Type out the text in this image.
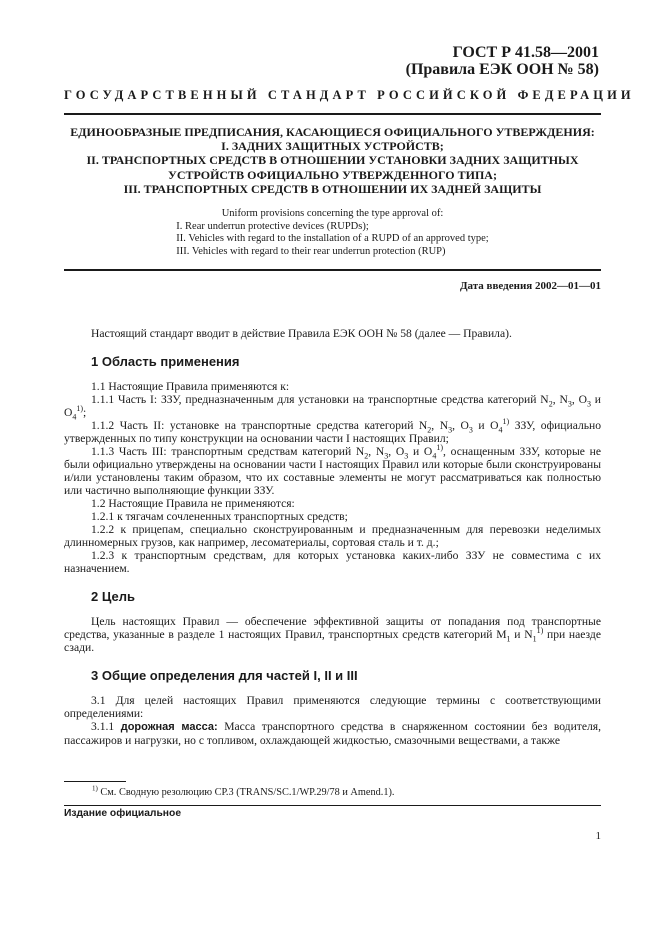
ГОСТ Р 41.58—2001
(Правила ЕЭК ООН № 58)
ГОСУДАРСТВЕННЫЙ СТАНДАРТ РОССИЙСКОЙ ФЕДЕРАЦИИ
ЕДИНООБРАЗНЫЕ ПРЕДПИСАНИЯ, КАСАЮЩИЕСЯ ОФИЦИАЛЬНОГО УТВЕРЖДЕНИЯ:
I. ЗАДНИХ ЗАЩИТНЫХ УСТРОЙСТВ;
II. ТРАНСПОРТНЫХ СРЕДСТВ В ОТНОШЕНИИ УСТАНОВКИ ЗАДНИХ ЗАЩИТНЫХ
УСТРОЙСТВ ОФИЦИАЛЬНО УТВЕРЖДЕННОГО ТИПА;
III. ТРАНСПОРТНЫХ СРЕДСТВ В ОТНОШЕНИИ ИХ ЗАДНЕЙ ЗАЩИТЫ
Uniform provisions concerning the type approval of:
I. Rear underrun protective devices (RUPDs);
II. Vehicles with regard to the installation of a RUPD of an approved type;
III. Vehicles with regard to their rear underrun protection (RUP)
Дата введения 2002—01—01

Настоящий стандарт вводит в действие Правила ЕЭК ООН № 58 (далее — Правила).

1 Область применения

1.1 Настоящие Правила применяются к:

1.1.1 Часть I: ЗЗУ, предназначенным для установки на транспортные средства категорий $N_2$, $N_3$, $O_3$ и $O_4^{1)}$;

1.1.2 Часть II: установке на транспортные средства категорий $N_2$, $N_3$, $O_3$ и $O_4^{1)}$ ЗЗУ, официально утвержденных по типу конструкции на основании части I настоящих Правил;

1.1.3 Часть III: транспортным средствам категорий $N_2$, $N_3$, $O_3$ и $O_4^{1)}$, оснащенным ЗЗУ, которые не были официально утверждены на основании части I настоящих Правил или которые были сконструированы и/или установлены таким образом, что их составные элементы не могут рассматриваться как полностью или частично выполняющие функции ЗЗУ.

1.2 Настоящие Правила не применяются:

1.2.1 к тягачам сочлененных транспортных средств;

1.2.2 к прицепам, специально сконструированным и предназначенным для перевозки неделимых длинномерных грузов, как например, лесоматериалы, сортовая сталь и т. д.;

1.2.3 к транспортным средствам, для которых установка каких-либо ЗЗУ не совместима с их назначением.

2 Цель

Цель настоящих Правил — обеспечение эффективной защиты от попадания под транспортные средства, указанные в разделе 1 настоящих Правил, транспортных средств категорий $M_1$ и $N_1^{1)}$ при наезде сзади.

3 Общие определения для частей I, II и III

3.1 Для целей настоящих Правил применяются следующие термины с соответствующими определениями:

3.1.1 дорожная масса: Масса транспортного средства в снаряженном состоянии без водителя, пассажиров и нагрузки, но с топливом, охлаждающей жидкостью, смазочными веществами, а также

$^{1)}$ См. Сводную резолюцию СР.3 (TRANS/SC.1/WP.29/78 и Amend.1).
Издание официальное
1
